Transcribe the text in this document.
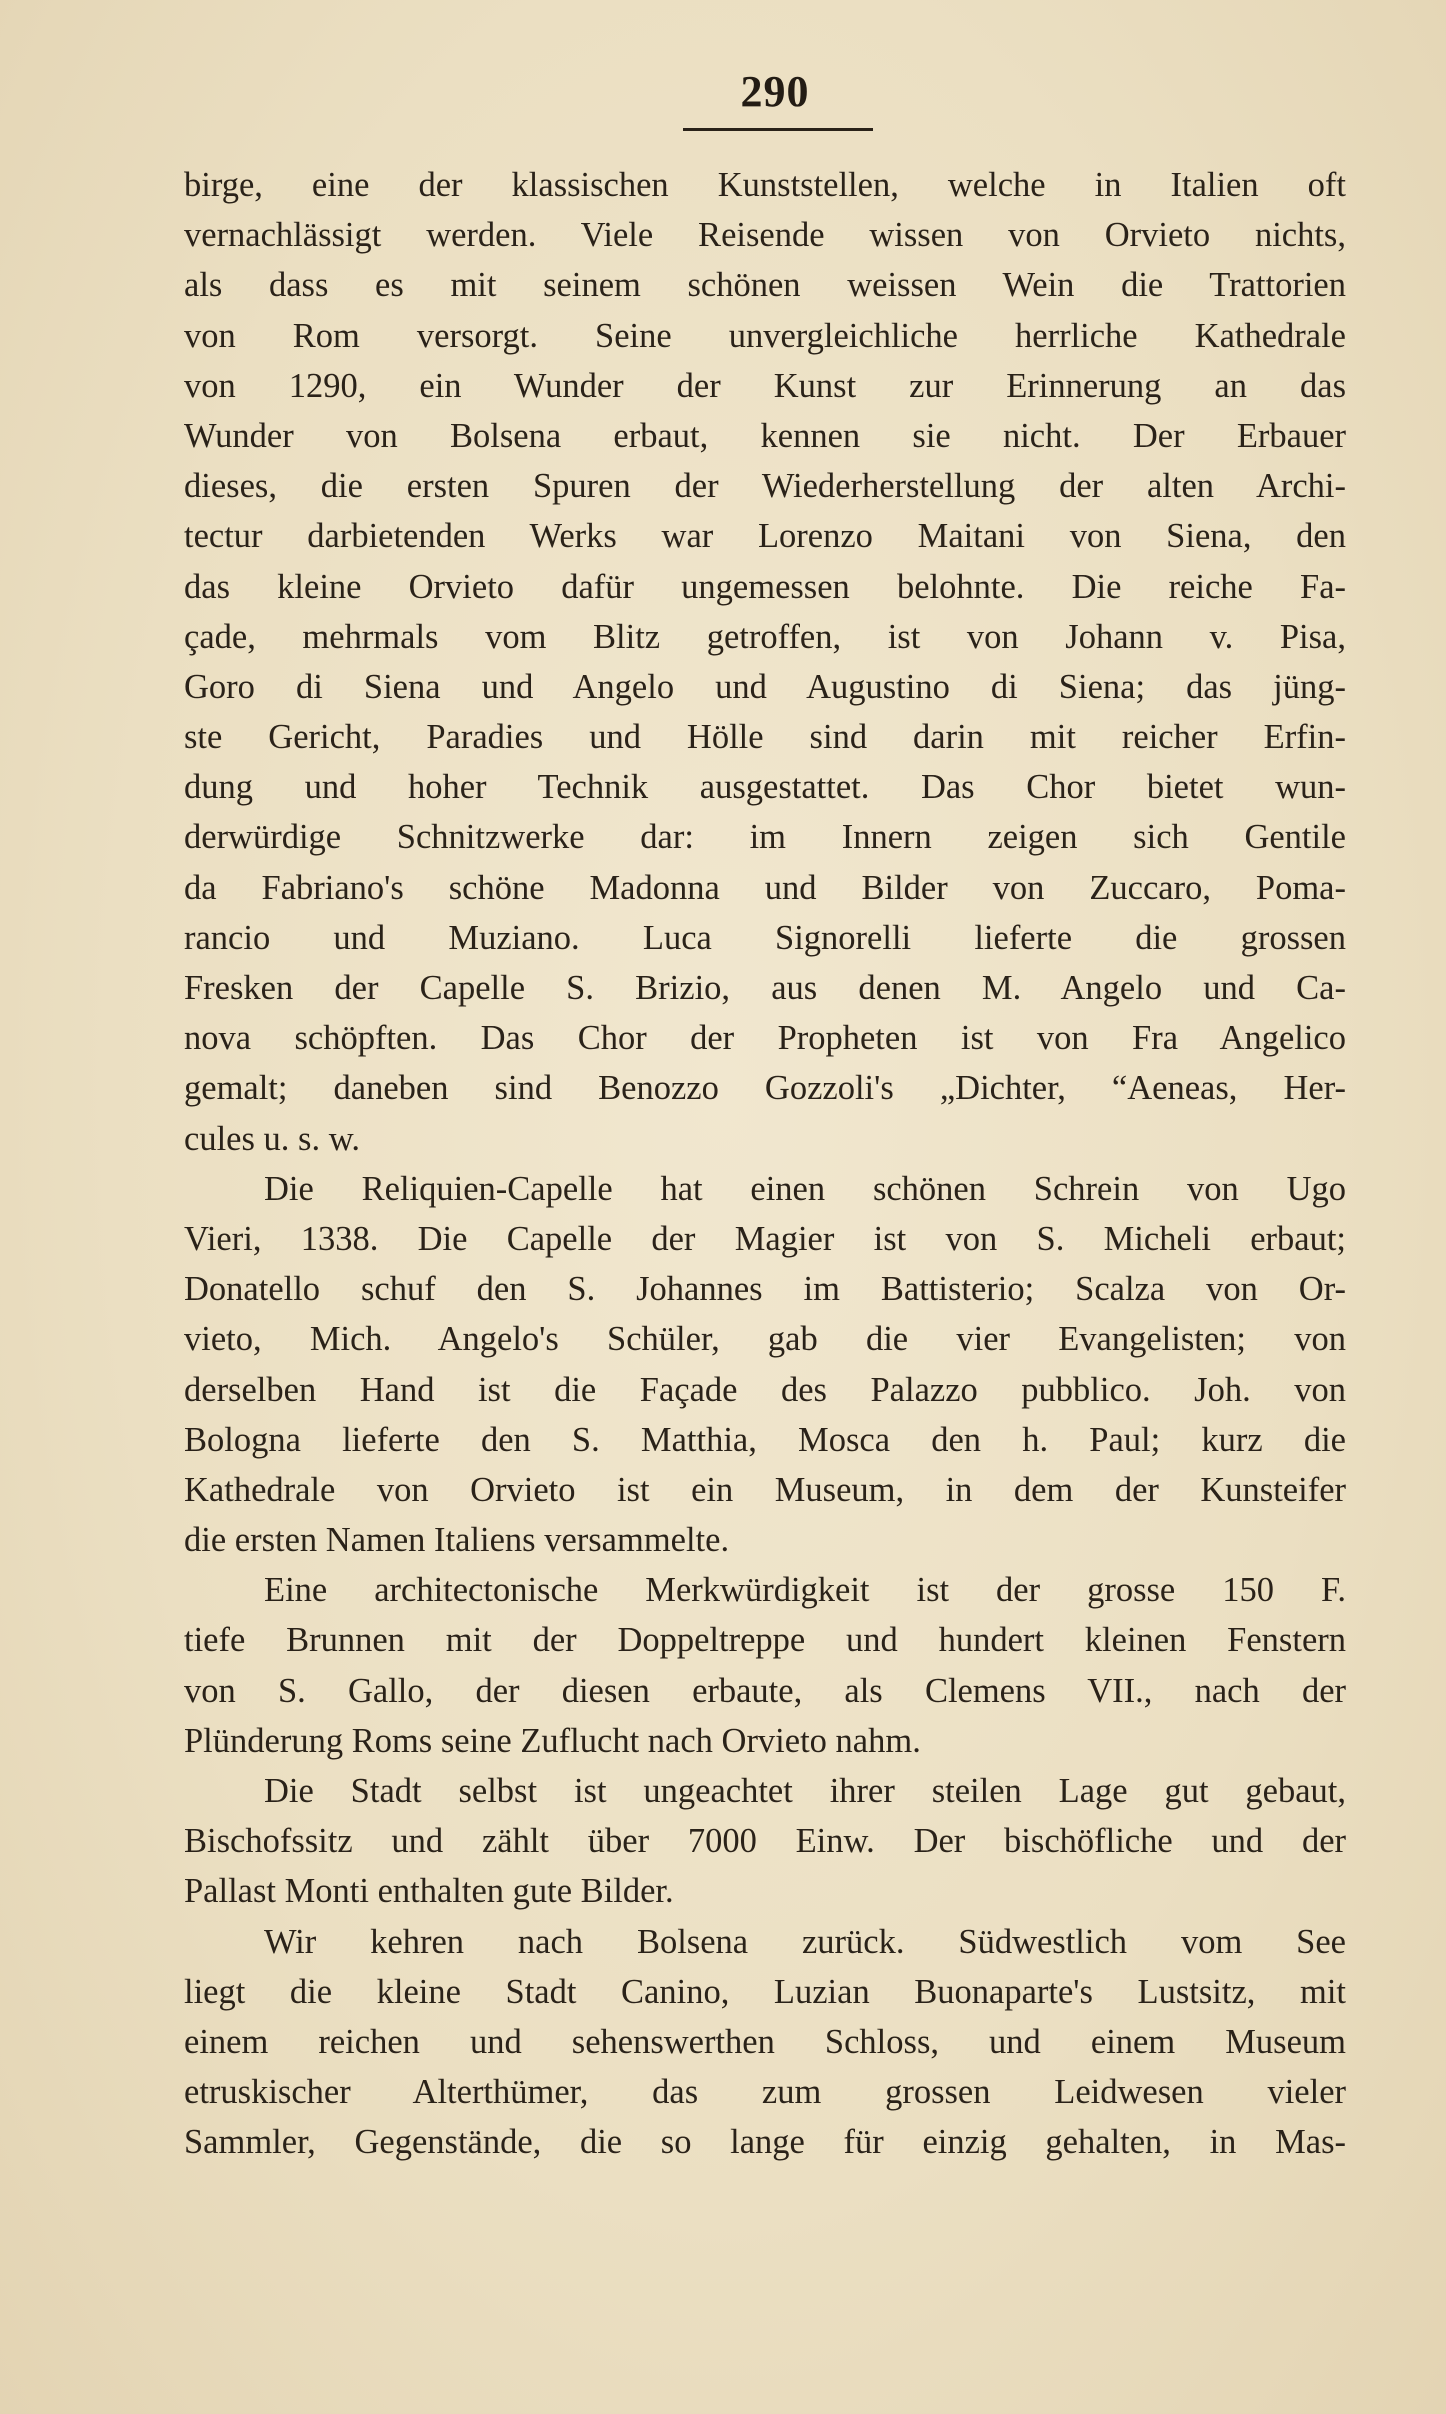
290
birge, eine der klassischen Kunststellen, welche in Italien oft
vernachlässigt werden. Viele Reisende wissen von Orvieto nichts,
als dass es mit seinem schönen weissen Wein die Trattorien
von Rom versorgt. Seine unvergleichliche herrliche Kathedrale
von 1290, ein Wunder der Kunst zur Erinnerung an das
Wunder von Bolsena erbaut, kennen sie nicht. Der Erbauer
dieses, die ersten Spuren der Wiederherstellung der alten Archi-
tectur darbietenden Werks war Lorenzo Maitani von Siena, den
das kleine Orvieto dafür ungemessen belohnte. Die reiche Fa-
çade, mehrmals vom Blitz getroffen, ist von Johann v. Pisa,
Goro di Siena und Angelo und Augustino di Siena; das jüng-
ste Gericht, Paradies und Hölle sind darin mit reicher Erfin-
dung und hoher Technik ausgestattet. Das Chor bietet wun-
derwürdige Schnitzwerke dar: im Innern zeigen sich Gentile
da Fabriano's schöne Madonna und Bilder von Zuccaro, Poma-
rancio und Muziano. Luca Signorelli lieferte die grossen
Fresken der Capelle S. Brizio, aus denen M. Angelo und Ca-
nova schöpften. Das Chor der Propheten ist von Fra Angelico
gemalt; daneben sind Benozzo Gozzoli's „Dichter, “Aeneas, Her-
cules u. s. w.
Die Reliquien-Capelle hat einen schönen Schrein von Ugo
Vieri, 1338. Die Capelle der Magier ist von S. Micheli erbaut;
Donatello schuf den S. Johannes im Battisterio; Scalza von Or-
vieto, Mich. Angelo's Schüler, gab die vier Evangelisten; von
derselben Hand ist die Façade des Palazzo pubblico. Joh. von
Bologna lieferte den S. Matthia, Mosca den h. Paul; kurz die
Kathedrale von Orvieto ist ein Museum, in dem der Kunsteifer
die ersten Namen Italiens versammelte.
Eine architectonische Merkwürdigkeit ist der grosse 150 F.
tiefe Brunnen mit der Doppeltreppe und hundert kleinen Fenstern
von S. Gallo, der diesen erbaute, als Clemens VII., nach der
Plünderung Roms seine Zuflucht nach Orvieto nahm.
Die Stadt selbst ist ungeachtet ihrer steilen Lage gut gebaut,
Bischofssitz und zählt über 7000 Einw. Der bischöfliche und der
Pallast Monti enthalten gute Bilder.
Wir kehren nach Bolsena zurück. Südwestlich vom See
liegt die kleine Stadt Canino, Luzian Buonaparte's Lustsitz, mit
einem reichen und sehenswerthen Schloss, und einem Museum
etruskischer Alterthümer, das zum grossen Leidwesen vieler
Sammler, Gegenstände, die so lange für einzig gehalten, in Mas-
